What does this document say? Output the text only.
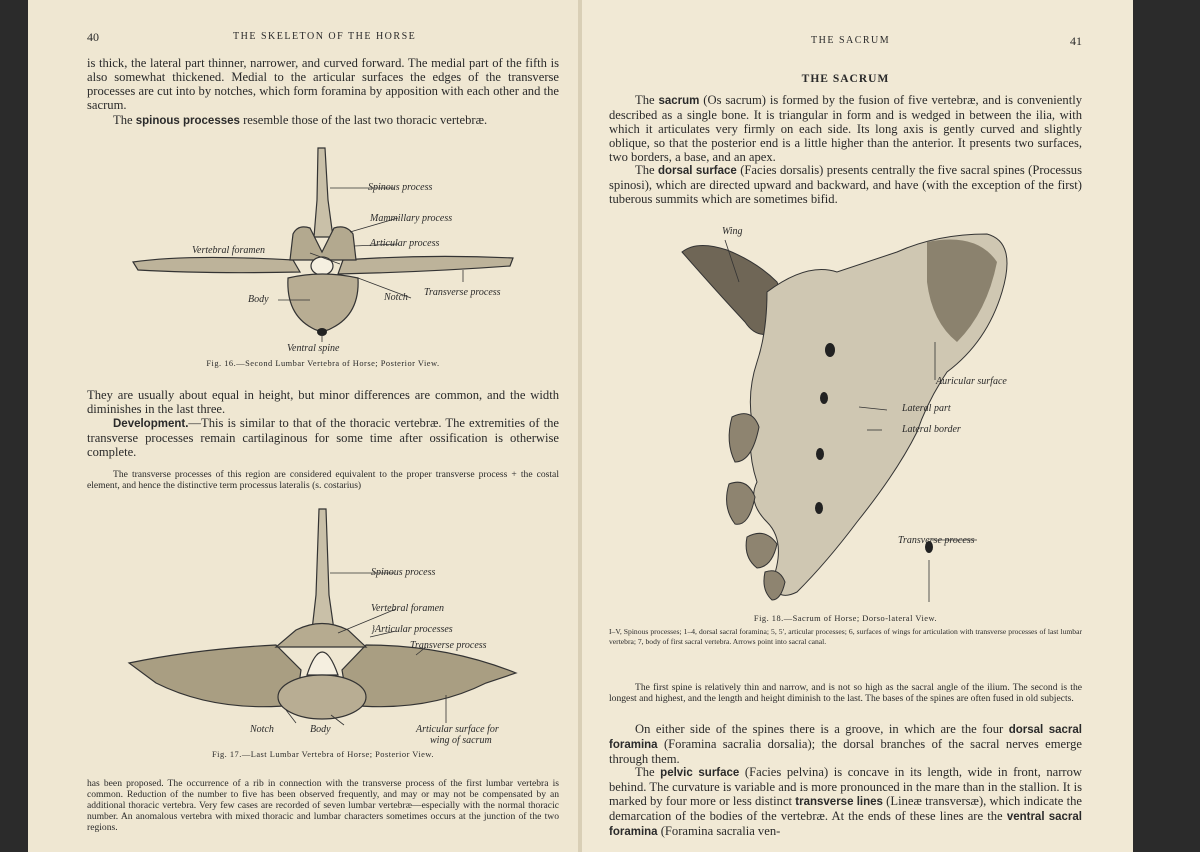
40	THE SKELETON OF THE HORSE

is thick, the lateral part thinner, narrower, and curved forward. The medial part of the fifth is also somewhat thickened. Medial to the articular surfaces the edges of the transverse processes are cut into by notches, which form foramina by apposition with each other and the sacrum.

The spinous processes resemble those of the last two thoracic vertebræ.

Spinous process
Mammillary process
Articular process
Vertebral foramen
Transverse process
Notch
Body
Ventral spine
Fig. 16.—Second Lumbar Vertebra of Horse; Posterior View.

They are usually about equal in height, but minor differences are common, and the width diminishes in the last three.

Development.—This is similar to that of the thoracic vertebræ. The extremities of the transverse processes remain cartilaginous for some time after ossification is otherwise complete.

The transverse processes of this region are considered equivalent to the proper transverse process + the costal element, and hence the distinctive term processus lateralis (s. costarius)

Spinous process
Vertebral foramen
}Articular processes
Transverse process
Notch	Body	Articular surface for
wing of sacrum
Fig. 17.—Last Lumbar Vertebra of Horse; Posterior View.

has been proposed. The occurrence of a rib in connection with the transverse process of the first lumbar vertebra is common. Reduction of the number to five has been observed frequently, and may or may not be compensated by an additional thoracic vertebra. Very few cases are recorded of seven lumbar vertebræ—especially with the normal thoracic number. An anomalous vertebra with mixed thoracic and lumbar characters sometimes occurs at the junction of the two regions.

THE SACRUM	41
THE SACRUM

The sacrum (Os sacrum) is formed by the fusion of five vertebræ, and is conveniently described as a single bone. It is triangular in form and is wedged in between the ilia, with which it articulates very firmly on each side. Its long axis is gently curved and slightly oblique, so that the posterior end is a little higher than the anterior. It presents two surfaces, two borders, a base, and an apex.

The dorsal surface (Facies dorsalis) presents centrally the five sacral spines (Processus spinosi), which are directed upward and backward, and have (with the exception of the first) tuberous summits which are sometimes bifid.

Wing
Auricular surface
Lateral part
Lateral border
Transverse process
Fig. 18.—Sacrum of Horse; Dorso-lateral View.

I–V, Spinous processes; 1–4, dorsal sacral foramina; 5, 5′, articular processes; 6, surfaces of wings for articulation with transverse processes of last lumbar vertebra; 7, body of first sacral vertebra. Arrows point into sacral canal.

The first spine is relatively thin and narrow, and is not so high as the sacral angle of the ilium. The second is the longest and highest, and the length and height diminish to the last. The bases of the spines are often fused in old subjects.

On either side of the spines there is a groove, in which are the four dorsal sacral foramina (Foramina sacralia dorsalia); the dorsal branches of the sacral nerves emerge through them.

The pelvic surface (Facies pelvina) is concave in its length, wide in front, narrow behind. The curvature is variable and is more pronounced in the mare than in the stallion. It is marked by four more or less distinct transverse lines (Lineæ transversæ), which indicate the demarcation of the bodies of the vertebræ. At the ends of these lines are the ventral sacral foramina (Foramina sacralia ven-
